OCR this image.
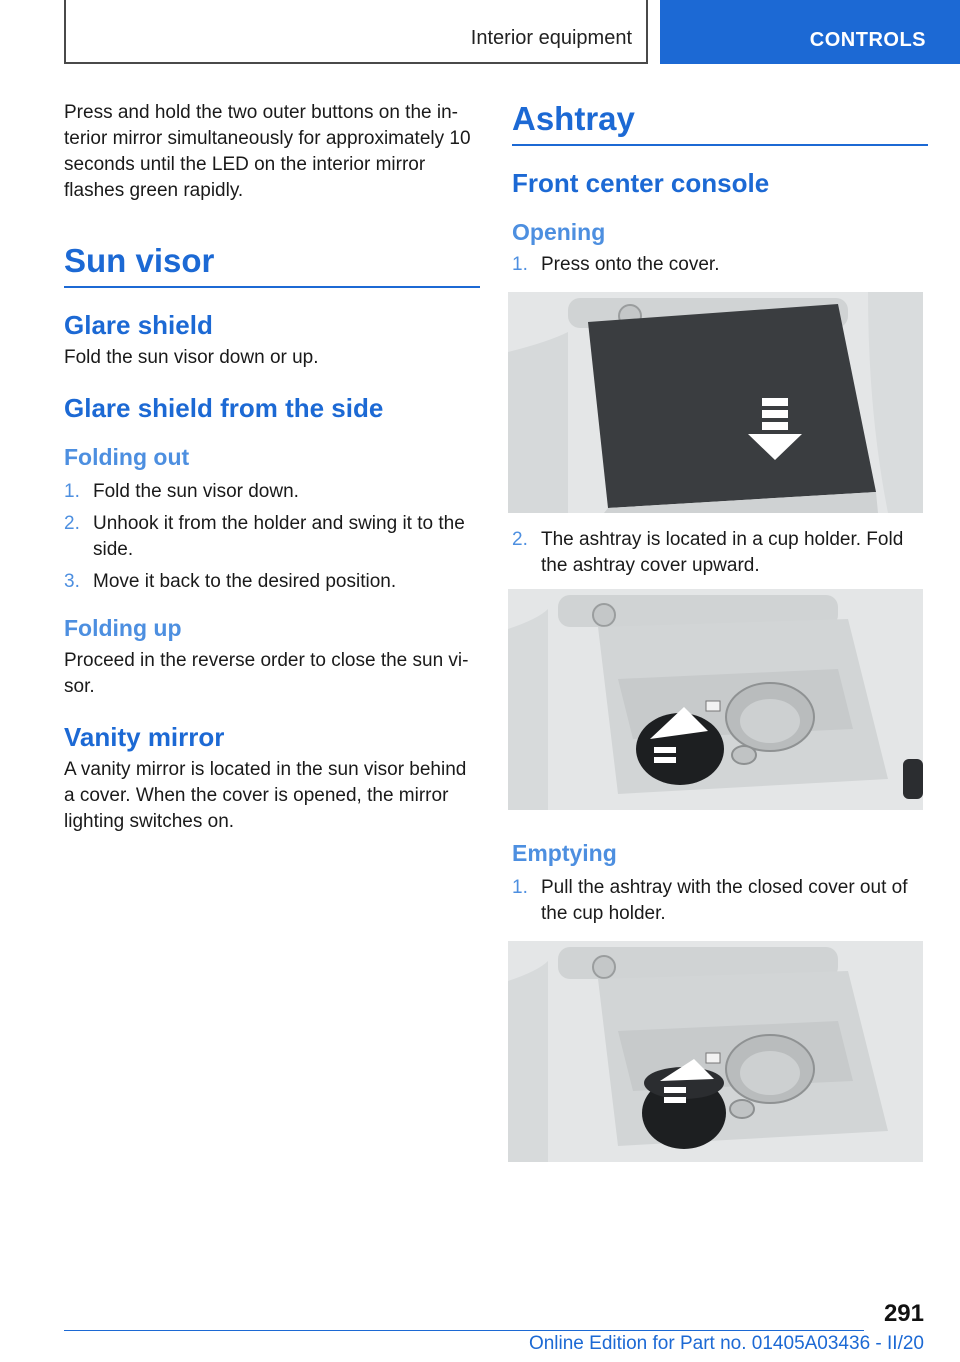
Interior equipment	CONTROLS

Press and hold the two outer buttons on the in-terior mirror simultaneously for approximately 10 seconds until the LED on the interior mirror flashes green rapidly.

Sun visor
Glare shield

Fold the sun visor down or up.

Glare shield from the side
Folding out
1. Fold the sun visor down.
2. Unhook it from the holder and swing it to the side.
3. Move it back to the desired position.
Folding up

Proceed in the reverse order to close the sun vi-sor.

Vanity mirror

A vanity mirror is located in the sun visor behind a cover. When the cover is opened, the mirror lighting switches on.

Ashtray
Front center console
Opening
1. Press onto the cover.
2. The ashtray is located in a cup holder. Fold the ashtray cover upward.
Emptying
1. Pull the ashtray with the closed cover out of the cup holder.
291
Online Edition for Part no. 01405A03436 - II/20
